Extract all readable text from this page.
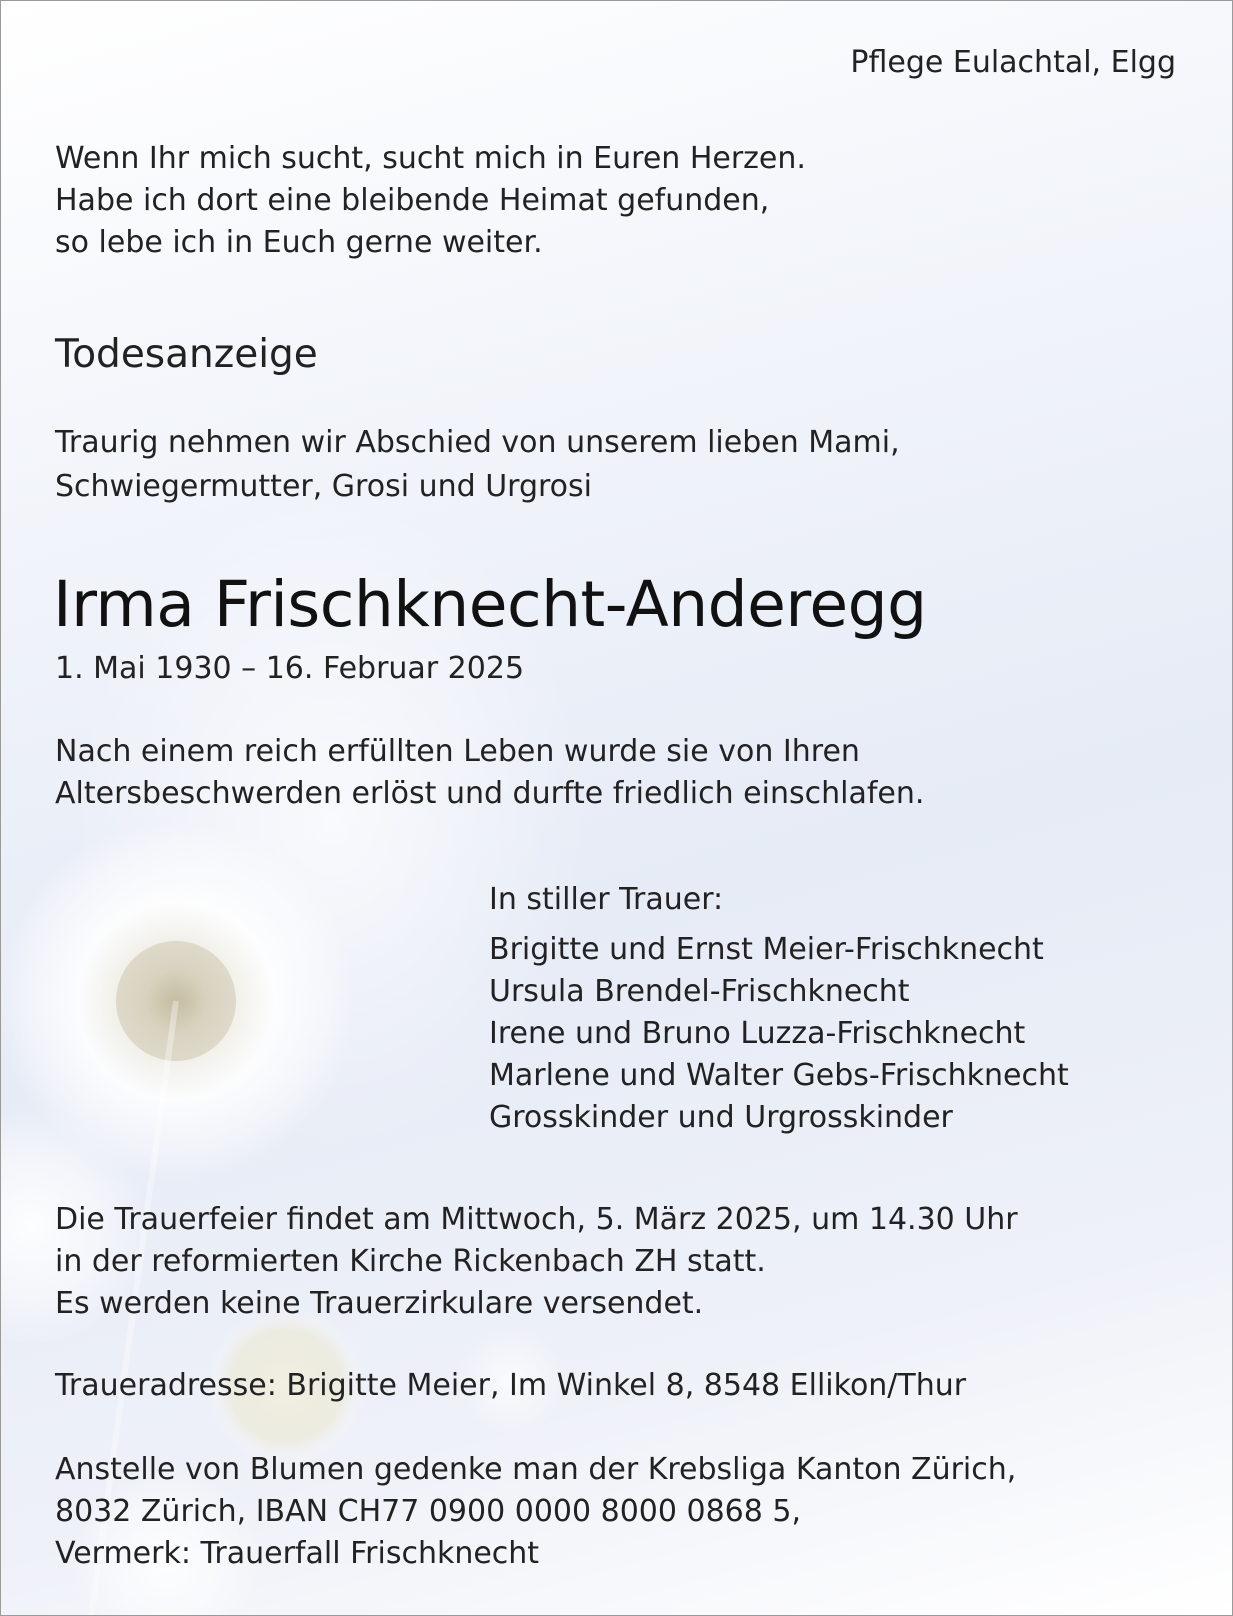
Pflege Eulachtal, Elgg
Wenn Ihr mich sucht, sucht mich in Euren Herzen.
Habe ich dort eine bleibende Heimat gefunden,
so lebe ich in Euch gerne weiter.
Todesanzeige
Traurig nehmen wir Abschied von unserem lieben Mami,
Schwiegermutter, Grosi und Urgrosi
Irma Frischknecht-Anderegg
1. Mai 1930 – 16. Februar 2025
Nach einem reich erfüllten Leben wurde sie von Ihren
Altersbeschwerden erlöst und durfte friedlich einschlafen.
In stiller Trauer:
Brigitte und Ernst Meier-Frischknecht
Ursula Brendel-Frischknecht
Irene und Bruno Luzza-Frischknecht
Marlene und Walter Gebs-Frischknecht
Grosskinder und Urgrosskinder
Die Trauerfeier findet am Mittwoch, 5. März 2025, um 14.30 Uhr
in der reformierten Kirche Rickenbach ZH statt.
Es werden keine Trauerzirkulare versendet.
Traueradresse: Brigitte Meier, Im Winkel 8, 8548 Ellikon/Thur
Anstelle von Blumen gedenke man der Krebsliga Kanton Zürich,
8032 Zürich, IBAN CH77 0900 0000 8000 0868 5,
Vermerk: Trauerfall Frischknecht
